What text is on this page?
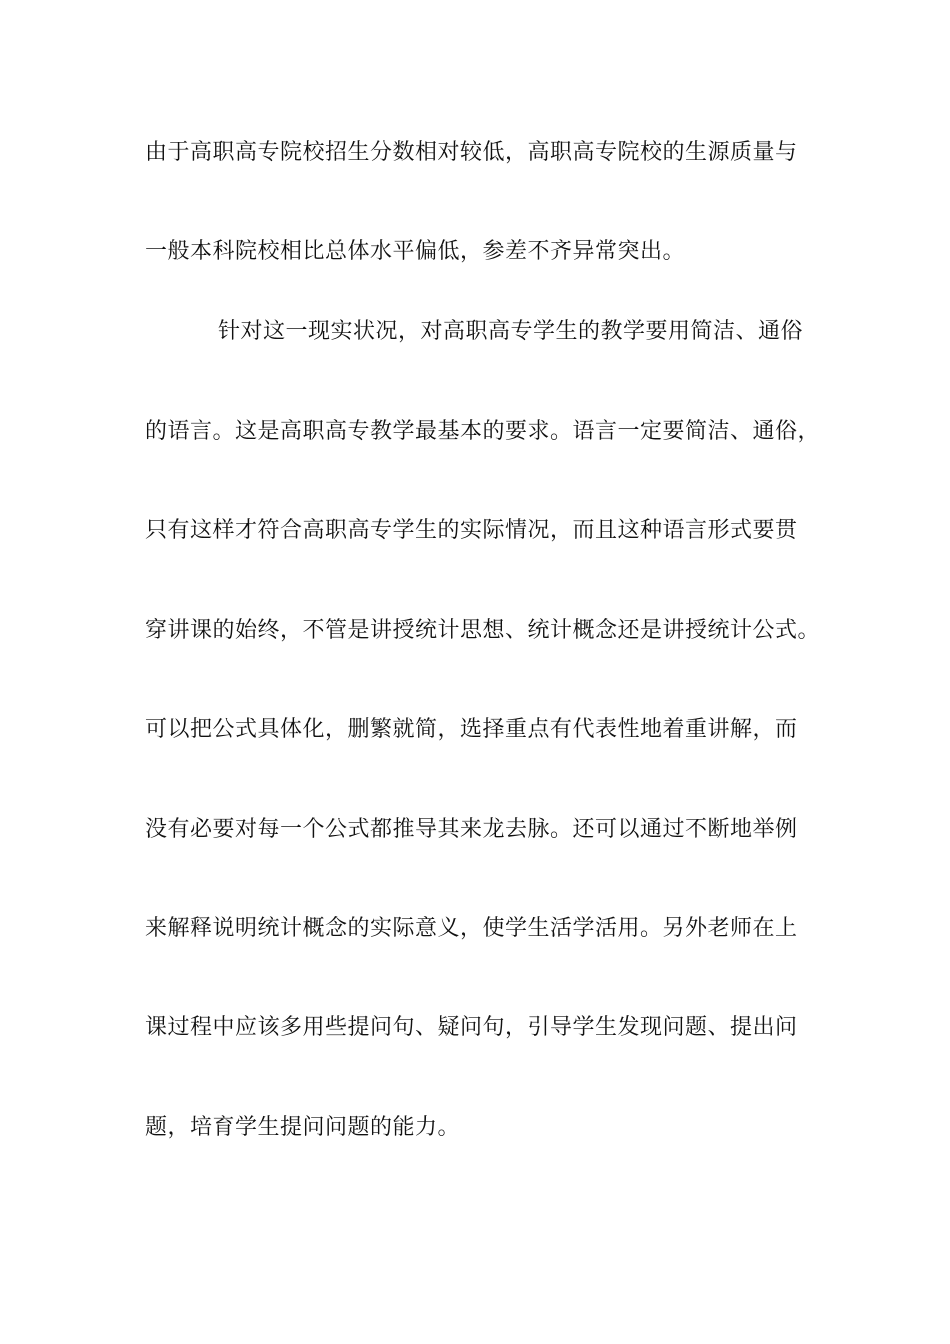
由于高职高专院校招生分数相对较低，高职高专院校的生源质量与
一般本科院校相比总体水平偏低，参差不齐异常突出。
针对这一现实状况，对高职高专学生的教学要用简洁、通俗
的语言。这是高职高专教学最基本的要求。语言一定要简洁、通俗，
只有这样才符合高职高专学生的实际情况，而且这种语言形式要贯
穿讲课的始终，不管是讲授统计思想、统计概念还是讲授统计公式。
可以把公式具体化，删繁就简，选择重点有代表性地着重讲解，而
没有必要对每一个公式都推导其来龙去脉。还可以通过不断地举例
来解释说明统计概念的实际意义，使学生活学活用。另外老师在上
课过程中应该多用些提问句、疑问句，引导学生发现问题、提出问
题，培育学生提问问题的能力。
